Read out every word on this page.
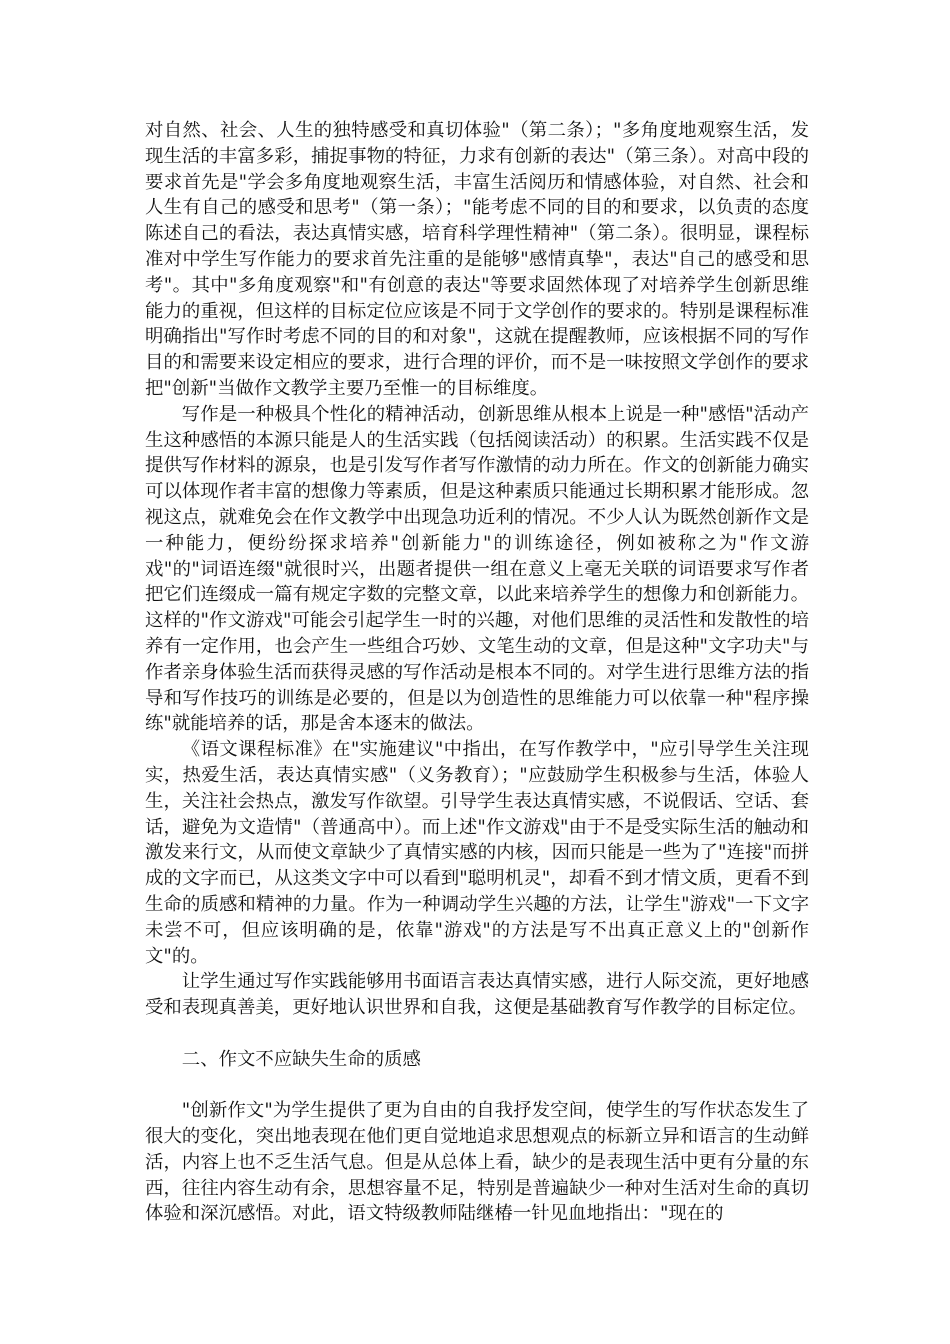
对自然、社会、人生的独特感受和真切体验"（第二条）；"多角度地观察生活，发现生活的丰富多彩，捕捉事物的特征，力求有创新的表达"（第三条）。对高中段的要求首先是"学会多角度地观察生活，丰富生活阅历和情感体验，对自然、社会和人生有自己的感受和思考"（第一条）；"能考虑不同的目的和要求，以负责的态度陈述自己的看法，表达真情实感，培育科学理性精神"（第二条）。很明显，课程标准对中学生写作能力的要求首先注重的是能够"感情真挚"，表达"自己的感受和思考"。其中"多角度观察"和"有创意的表达"等要求固然体现了对培养学生创新思维能力的重视，但这样的目标定位应该是不同于文学创作的要求的。特别是课程标准明确指出"写作时考虑不同的目的和对象"，这就在提醒教师，应该根据不同的写作目的和需要来设定相应的要求，进行合理的评价，而不是一味按照文学创作的要求把"创新"当做作文教学主要乃至惟一的目标维度。

写作是一种极具个性化的精神活动，创新思维从根本上说是一种"感悟"活动产生这种感悟的本源只能是人的生活实践（包括阅读活动）的积累。生活实践不仅是提供写作材料的源泉，也是引发写作者写作激情的动力所在。作文的创新能力确实可以体现作者丰富的想像力等素质，但是这种素质只能通过长期积累才能形成。忽视这点，就难免会在作文教学中出现急功近利的情况。不少人认为既然创新作文是一种能力，便纷纷探求培养"创新能力"的训练途径，例如被称之为"作文游戏"的"词语连缀"就很时兴，出题者提供一组在意义上毫无关联的词语要求写作者把它们连缀成一篇有规定字数的完整文章，以此来培养学生的想像力和创新能力。这样的"作文游戏"可能会引起学生一时的兴趣，对他们思维的灵活性和发散性的培养有一定作用，也会产生一些组合巧妙、文笔生动的文章，但是这种"文字功夫"与作者亲身体验生活而获得灵感的写作活动是根本不同的。对学生进行思维方法的指导和写作技巧的训练是必要的，但是以为创造性的思维能力可以依靠一种"程序操练"就能培养的话，那是舍本逐末的做法。

《语文课程标准》在"实施建议"中指出，在写作教学中，"应引导学生关注现实，热爱生活，表达真情实感"（义务教育）；"应鼓励学生积极参与生活，体验人生，关注社会热点，激发写作欲望。引导学生表达真情实感，不说假话、空话、套话，避免为文造情"（普通高中）。而上述"作文游戏"由于不是受实际生活的触动和激发来行文，从而使文章缺少了真情实感的内核，因而只能是一些为了"连接"而拼成的文字而已，从这类文字中可以看到"聪明机灵"，却看不到才情文质，更看不到生命的质感和精神的力量。作为一种调动学生兴趣的方法，让学生"游戏"一下文字未尝不可，但应该明确的是，依靠"游戏"的方法是写不出真正意义上的"创新作文"的。

让学生通过写作实践能够用书面语言表达真情实感，进行人际交流，更好地感受和表现真善美，更好地认识世界和自我，这便是基础教育写作教学的目标定位。

二、作文不应缺失生命的质感

"创新作文"为学生提供了更为自由的自我抒发空间，使学生的写作状态发生了很大的变化，突出地表现在他们更自觉地追求思想观点的标新立异和语言的生动鲜活，内容上也不乏生活气息。但是从总体上看，缺少的是表现生活中更有分量的东西，往往内容生动有余，思想容量不足，特别是普遍缺少一种对生活对生命的真切体验和深沉感悟。对此，语文特级教师陆继椿一针见血地指出："现在的
